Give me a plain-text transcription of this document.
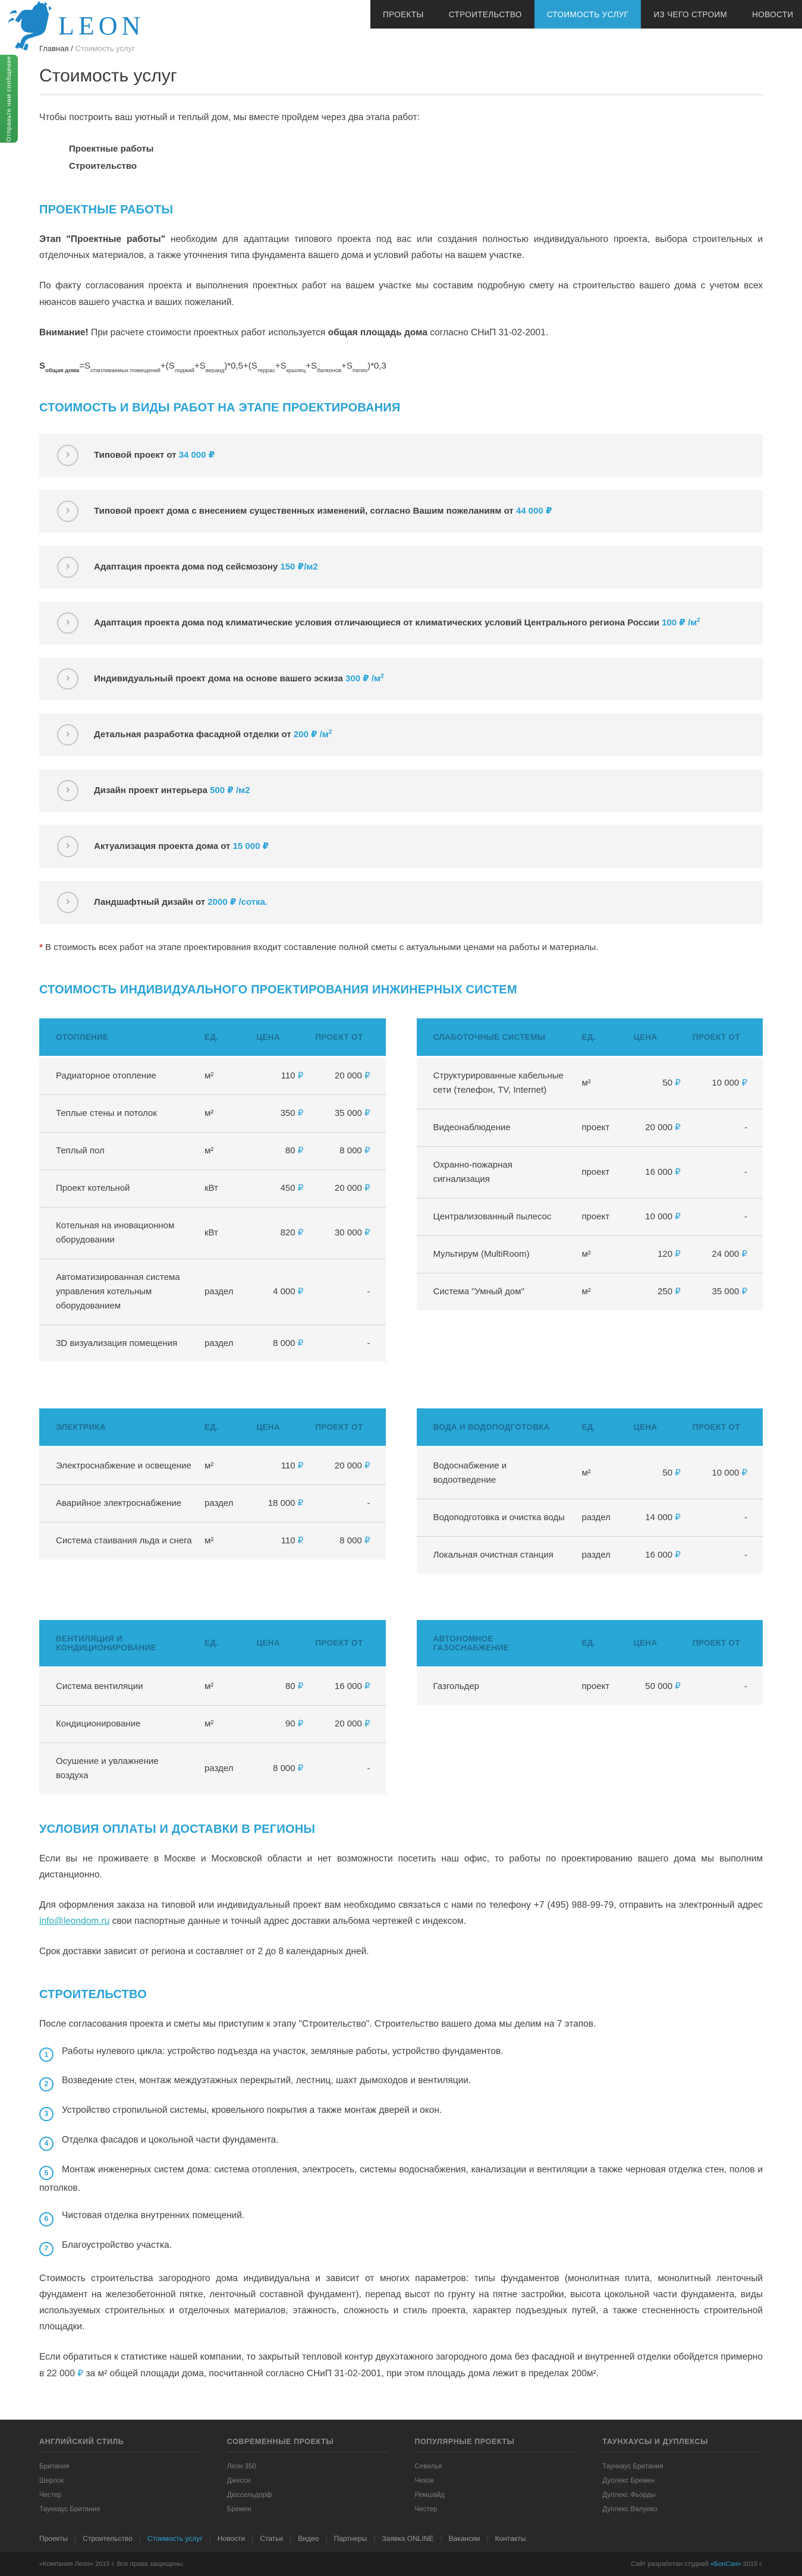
Отправьте нам сообщение
LEON	ПРОЕКТЫ	СТРОИТЕЛЬСТВО	СТОИМОСТЬ УСЛУГ	ИЗ ЧЕГО СТРОИМ	НОВОСТИ
Главная / Стоимость услуг
Стоимость услуг

Чтобы построить ваш уютный и теплый дом, мы вместе пройдем через два этапа работ:

Проектные работы
Строительство
ПРОЕКТНЫЕ РАБОТЫ

Этап "Проектные работы" необходим для адаптации типового проекта под вас или создания полностью индивидуального проекта, выбора строительных и отделочных материалов, а также уточнения типа фундамента вашего дома и условий работы на вашем участке.

По факту согласования проекта и выполнения проектных работ на вашем участке мы составим подробную смету на строительство вашего дома с учетом всех нюансов вашего участка и ваших пожеланий.

Внимание! При расчете стоимости проектных работ используется общая площадь дома согласно СНиП 31-02-2001.

$S_{общая дома}=S_{отапливаемых помещений}+(S_{лоджий}+S_{веранд})*0,5+(S_{террас}+S_{крылец}+S_{балконов}+S_{патио})*0,3$
СТОИМОСТЬ И ВИДЫ РАБОТ НА ЭТАПЕ ПРОЕКТИРОВАНИЯ
›	Типовой проект от 34 000 ₽
›	Типовой проект дома с внесением существенных изменений, согласно Вашим пожеланиям от 44 000 ₽
›	Адаптация проекта дома под сейсмозону 150 ₽/м2
›	Адаптация проекта дома под климатические условия отличающиеся от климатических условий Центрального региона России 100 ₽ $/м^2$
›	Индивидуальный проект дома на основе вашего эскиза 300 ₽ $/м^2$
›	Детальная разработка фасадной отделки от 200 ₽ $/м^2$
›	Дизайн проект интерьера 500 ₽ /м2
›	Актуализация проекта дома от 15 000 ₽
›	Ландшафтный дизайн от 2000 ₽ /сотка.

* В стоимость всех работ на этапе проектирования входит составление полной сметы с актуальными ценами на работы и материалы.

СТОИМОСТЬ ИНДИВИДУАЛЬНОГО ПРОЕКТИРОВАНИЯ ИНЖИНЕРНЫХ СИСТЕМ
ОТОПЛЕНИЕ	ЕД.	ЦЕНА	ПРОЕКТ ОТ
Радиаторное отопление	м²	110 ₽	20 000 ₽
Теплые стены и потолок	м²	350 ₽	35 000 ₽
Теплый пол	м²	80 ₽	8 000 ₽
Проект котельной	кВт	450 ₽	20 000 ₽
Котельная на иновационном оборудовании	кВт	820 ₽	30 000 ₽
Автоматизированная система управления котельным оборудованием	раздел	4 000 ₽	-
3D визуализация помещения	раздел	8 000 ₽	-
СЛАБОТОЧНЫЕ СИСТЕМЫ	ЕД.	ЦЕНА	ПРОЕКТ ОТ
Структурированные кабельные сети (телефон, TV, Internet)	м²	50 ₽	10 000 ₽
Видеонаблюдение	проект	20 000 ₽	-
Охранно-пожарная сигнализация	проект	16 000 ₽	-
Централизованный пылесос	проект	10 000 ₽	-
Мультирум (MultiRoom)	м²	120 ₽	24 000 ₽
Система "Умный дом"	м²	250 ₽	35 000 ₽
ЭЛЕКТРИКА	ЕД.	ЦЕНА	ПРОЕКТ ОТ
Электроснабжение и освещение	м²	110 ₽	20 000 ₽
Аварийное электроснабжение	раздел	18 000 ₽	-
Система стаивания льда и снега	м²	110 ₽	8 000 ₽
ВОДА И ВОДОПОДГОТОВКА	ЕД.	ЦЕНА	ПРОЕКТ ОТ
Водоснабжение и водоотведение	м²	50 ₽	10 000 ₽
Водоподготовка и очистка воды	раздел	14 000 ₽	-
Локальная очистная станция	раздел	16 000 ₽	-
ВЕНТИЛЯЦИЯ И КОНДИЦИОНИРОВАНИЕ	ЕД.	ЦЕНА	ПРОЕКТ ОТ
Система вентиляции	м²	80 ₽	16 000 ₽
Кондиционирование	м²	90 ₽	20 000 ₽
Осушение и увлажнение воздуха	раздел	8 000 ₽	-
АВТОНОМНОЕ ГАЗОСНАБЖЕНИЕ	ЕД.	ЦЕНА	ПРОЕКТ ОТ
Газгольдер	проект	50 000 ₽	-
УСЛОВИЯ ОПЛАТЫ И ДОСТАВКИ В РЕГИОНЫ

Если вы не проживаете в Москве и Московской области и нет возможности посетить наш офис, то работы по проектированию вашего дома мы выполним дистанционно.

Для оформления заказа на типовой или индивидуальный проект вам необходимо связаться с нами по телефону +7 (495) 988-99-79, отправить на электронный адрес info@leondom.ru свои паспортные данные и точный адрес доставки альбома чертежей с индексом.

Срок доставки зависит от региона и составляет от 2 до 8 календарных дней.

СТРОИТЕЛЬСТВО

После согласования проекта и сметы мы приступим к этапу "Строительство". Строительство вашего дома мы делим на 7 этапов.

1 Работы нулевого цикла: устройство подъезда на участок, земляные работы, устройство фундаментов.

2 Возведение стен, монтаж междуэтажных перекрытий, лестниц, шахт дымоходов и вентиляции.

3 Устройство стропильной системы, кровельного покрытия а также монтаж дверей и окон.

4 Отделка фасадов и цокольной части фундамента.

5 Монтаж инженерных систем дома: система отопления, электросеть, системы водоснабжения, канализации и вентиляции а также черновая отделка стен, полов и потолков.

6 Чистовая отделка внутренних помещений.

7 Благоустройство участка.

Стоимость строительства загородного дома индивидуальна и зависит от многих параметров: типы фундаментов (монолитная плита, монолитный ленточный фундамент на железобетонной пятке, ленточный составной фундамент), перепад высот по грунту на пятне застройки, высота цокольной части фундамента, виды используемых строительных и отделочных материалов, этажность, сложность и стиль проекта, характер подъездных путей, а также стесненность строительной площадки.

Если обратиться к статистике нашей компании, то закрытый тепловой контур двухэтажного загородного дома без фасадной и внутренней отделки обойдется примерно в 22 000 ₽ за м² общей площади дома, посчитанной согласно СНиП 31-02-2001, при этом площадь дома лежит в пределах 200м².

АНГЛИЙСКИЙ СТИЛЬ
Британия
Шерлок
Честер
Таунхаус Британия
СОВРЕМЕННЫЕ ПРОЕКТЫ
Леон 350
Джесси
Дюссельдорф
Бремен
ПОПУЛЯРНЫЕ ПРОЕКТЫ
Севилья
Чехов
Ремшайд
Честер
ТАУНХАУСЫ И ДУПЛЕКСЫ
Таунхаус Британия
Дуплекс Бремен
Дуплекс Фьорды
Дуплекс Валуево
Проекты | Строительство | Стоимость услуг | Новости | Статьи | Видео | Партнеры | Заявка ONLINE | Вакансии | Контакты
«Компания Леон» 2015 г. Все права защищены.	Сайт разработан студией «БонСан» 2015 г.
